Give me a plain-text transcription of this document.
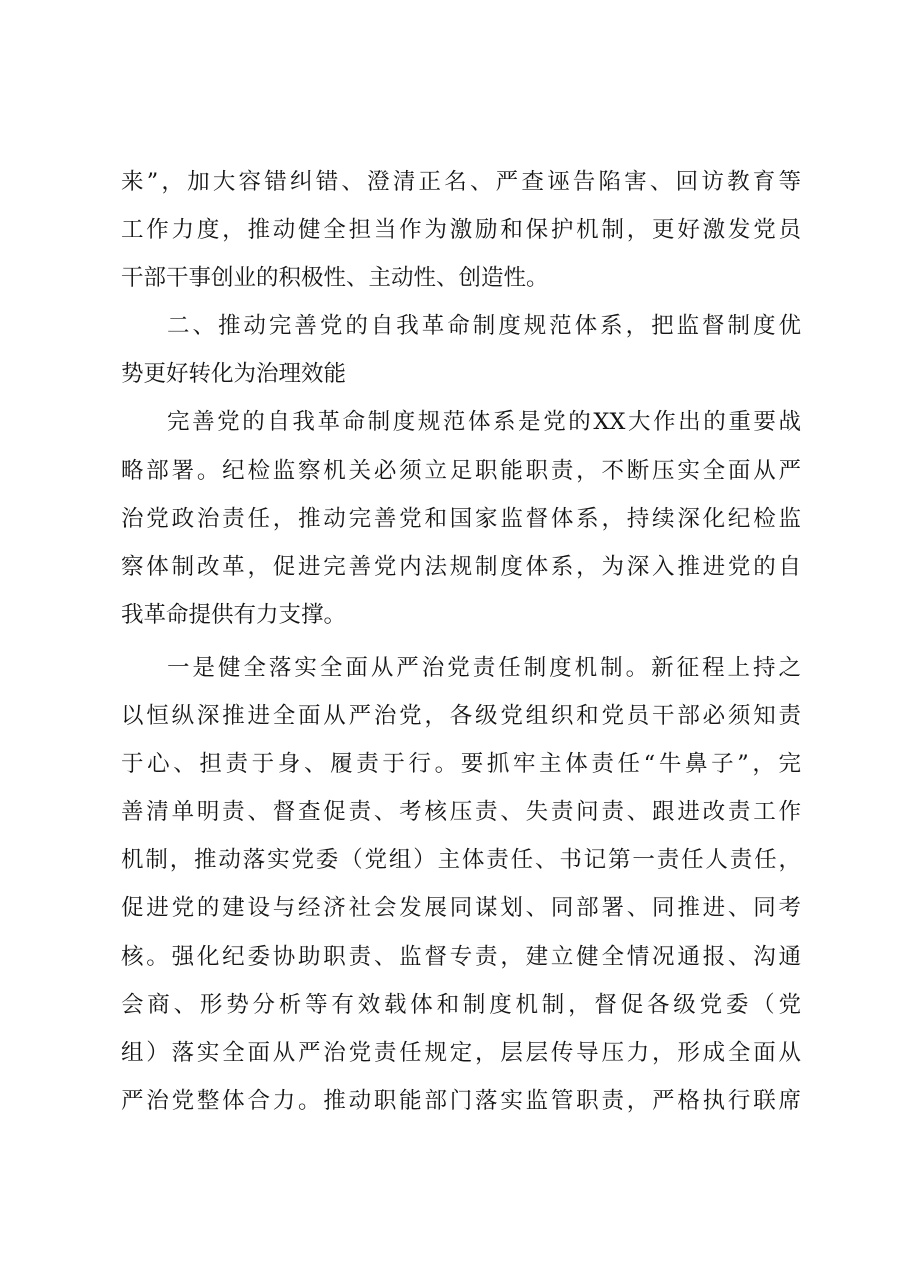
来”，加大容错纠错、澄清正名、严查诬告陷害、回访教育等
工作力度，推动健全担当作为激励和保护机制，更好激发党员
干部干事创业的积极性、主动性、创造性。
二、推动完善党的自我革命制度规范体系，把监督制度优
势更好转化为治理效能
完善党的自我革命制度规范体系是党的XX大作出的重要战
略部署。纪检监察机关必须立足职能职责，不断压实全面从严
治党政治责任，推动完善党和国家监督体系，持续深化纪检监
察体制改革，促进完善党内法规制度体系，为深入推进党的自
我革命提供有力支撑。
一是健全落实全面从严治党责任制度机制。新征程上持之
以恒纵深推进全面从严治党，各级党组织和党员干部必须知责
于心、担责于身、履责于行。要抓牢主体责任“牛鼻子”，完
善清单明责、督查促责、考核压责、失责问责、跟进改责工作
机制，推动落实党委（党组）主体责任、书记第一责任人责任，
促进党的建设与经济社会发展同谋划、同部署、同推进、同考
核。强化纪委协助职责、监督专责，建立健全情况通报、沟通
会商、形势分析等有效载体和制度机制，督促各级党委（党
组）落实全面从严治党责任规定，层层传导压力，形成全面从
严治党整体合力。推动职能部门落实监管职责，严格执行联席
